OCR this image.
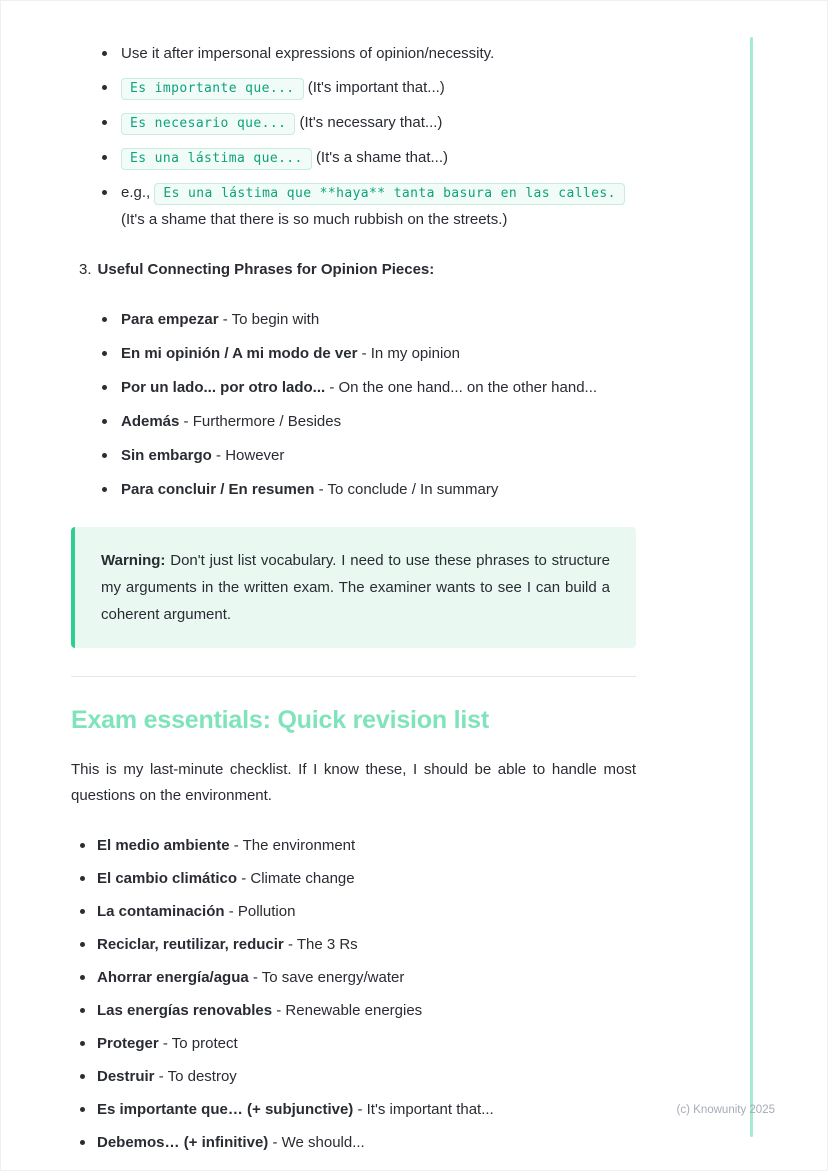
Use it after impersonal expressions of opinion/necessity.
Es importante que... (It's important that...)
Es necesario que... (It's necessary that...)
Es una lástima que... (It's a shame that...)
e.g., Es una lástima que **haya** tanta basura en las calles. (It's a shame that there is so much rubbish on the streets.)
3. Useful Connecting Phrases for Opinion Pieces:
Para empezar - To begin with
En mi opinión / A mi modo de ver - In my opinion
Por un lado... por otro lado... - On the one hand... on the other hand...
Además - Furthermore / Besides
Sin embargo - However
Para concluir / En resumen - To conclude / In summary

Warning: Don't just list vocabulary. I need to use these phrases to structure my arguments in the written exam. The examiner wants to see I can build a coherent argument.

Exam essentials: Quick revision list

This is my last-minute checklist. If I know these, I should be able to handle most questions on the environment.

El medio ambiente - The environment
El cambio climático - Climate change
La contaminación - Pollution
Reciclar, reutilizar, reducir - The 3 Rs
Ahorrar energía/agua - To save energy/water
Las energías renovables - Renewable energies
Proteger - To protect
Destruir - To destroy
Es importante que… (+ subjunctive) - It's important that...
Debemos… (+ infinitive) - We should...
(c) Knowunity 2025
